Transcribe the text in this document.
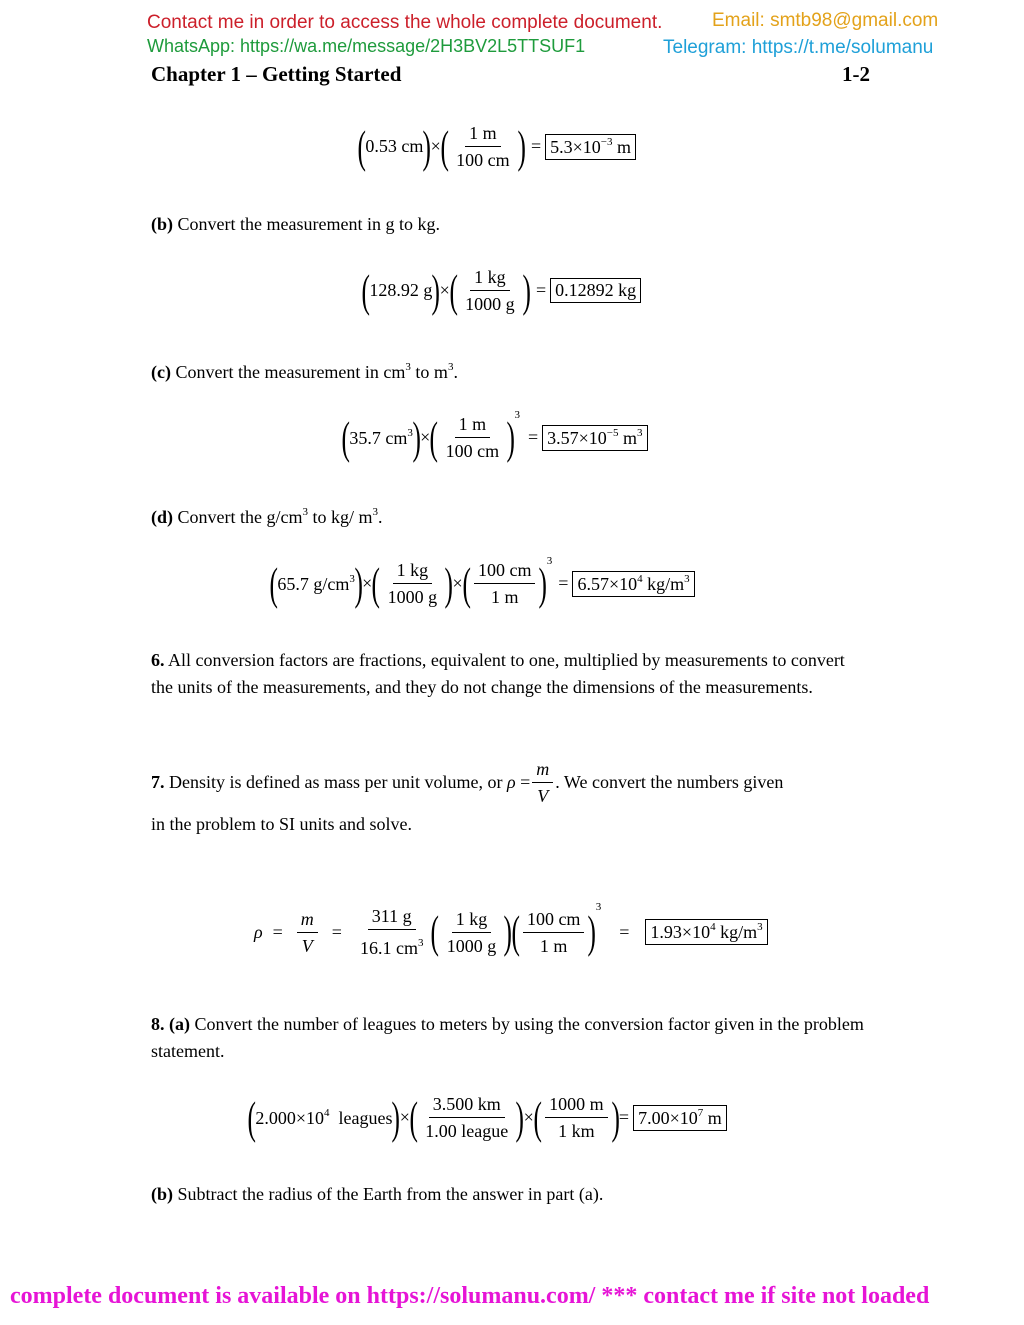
Contact me in order to access the whole complete document.	Email: smtb98@gmail.com
WhatsApp: https://wa.me/message/2H3BV2L5TTSUF1	Telegram: https://t.me/solumanu
Chapter 1 – Getting Started	1-2
( 0.53 cm ) × ( $\frac{1 m}{100 cm}$ ) = $5.3\times 10^{-3}$ m
(b) Convert the measurement in g to kg.
( 128.92 g ) × ( $\frac{1 kg}{1000 g}$ ) = 0.12892 kg
(c) Convert the measurement in $cm^3$ to $m^3$.
( 35.7 $cm^3$ ) × ( $\frac{1 m}{100 cm}$ ) 3
= $3.57\times 10^{-5}$ $m^3$
(d) Convert the $g/cm^3$ to kg/ $m^3$.
( 65.7 $g/cm^3$ ) × ( $\frac{1 kg}{1000 g}$ ) × ( $\frac{100 cm}{1 m}$ ) 3
= $6.57\times 10^4$ $kg/m^3$
6. All conversion factors are fractions, equivalent to one, multiplied by measurements to convert the units of the measurements, and they do not change the dimensions of the measurements.
7.
Density is defined as mass per unit volume, or
ρ
= $\frac{m}{V}$ . We convert the numbers given
in the problem to SI units and solve.
$\rho = \frac{m}{V} = \frac{311 g}{16.1 cm^3}$ ( $\frac{1 kg}{1000 g}$ )
( $\frac{100 cm}{1 m}$ ) 3
= $1.93\times 10^4$ $kg/m^3$
8. (a) Convert the number of leagues to meters by using the conversion factor given in the problem statement.
( $2.000\times 10^4$ leagues ) × ( $\frac{3.500 km}{\text{1.00 league}}$ ) × ( $\frac{1000 m}{1 km}$ ) = $7.00\times 10^7$ m
(b) Subtract the radius of the Earth from the answer in part (a).
complete document is available on https://solumanu.com/ *** contact me if site not loaded
